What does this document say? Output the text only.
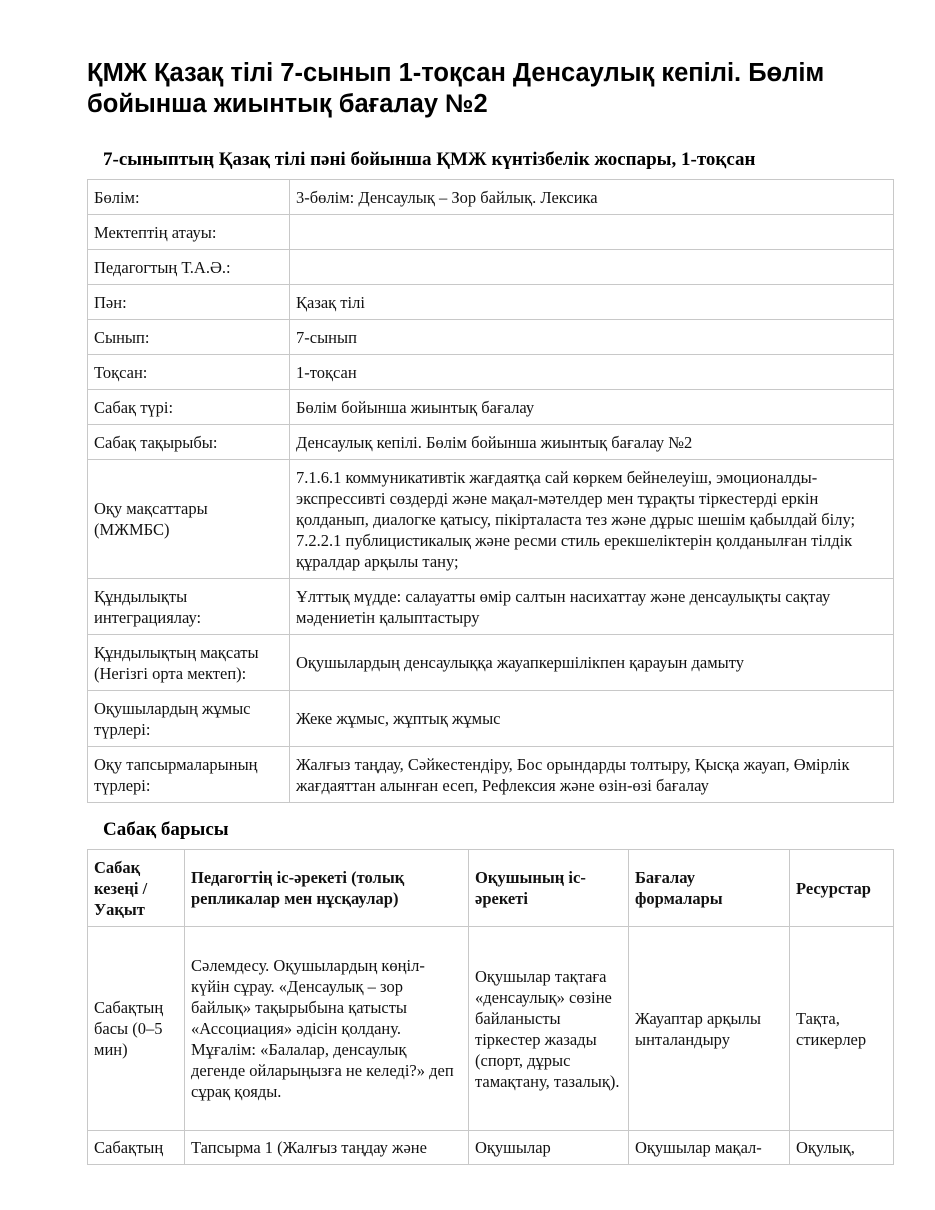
ҚМЖ Қазақ тілі 7-сынып 1-тоқсан Денсаулық кепілі. Бөлім бойынша жиынтық бағалау №2
7-сыныптың Қазақ тілі пәні бойынша ҚМЖ күнтізбелік жоспары, 1-тоқсан
Бөлім:	3-бөлім: Денсаулық – Зор байлық. Лексика
Мектептің атауы:	
Педагогтың Т.А.Ә.:	
Пән:	Қазақ тілі
Сынып:	7-сынып
Тоқсан:	1-тоқсан
Сабақ түрі:	Бөлім бойынша жиынтық бағалау
Сабақ тақырыбы:	Денсаулық кепілі. Бөлім бойынша жиынтық бағалау №2
Оқу мақсаттары (МЖМБС)	7.1.6.1 коммуникативтік жағдаятқа сай көркем бейнелеуіш, эмоционалды-экспрессивті сөздерді және мақал-мәтелдер мен тұрақты тіркестерді еркін қолданып, диалогке қатысу, пікірталаста тез және дұрыс шешім қабылдай білу; 7.2.2.1 публицистикалық және ресми стиль ерекшеліктерін қолданылған тілдік құралдар арқылы тану;
Құндылықты интеграциялау:	Ұлттық мүдде: салауатты өмір салтын насихаттау және денсаулықты сақтау мәдениетін қалыптастыру
Құндылықтың мақсаты (Негізгі орта мектеп):	Оқушылардың денсаулыққа жауапкершілікпен қарауын дамыту
Оқушылардың жұмыс түрлері:	Жеке жұмыс, жұптық жұмыс
Оқу тапсырмаларының түрлері:	Жалғыз таңдау, Сәйкестендіру, Бос орындарды толтыру, Қысқа жауап, Өмірлік жағдаяттан алынған есеп, Рефлексия және өзін-өзі бағалау
Сабақ барысы
Сабақ кезеңі / Уақыт	Педагогтің іс-әрекеті (толық репликалар мен нұсқаулар)	Оқушының іс-әрекеті	Бағалау формалары	Ресурстар
Сабақтың басы (0–5 мин)	Сәлемдесу. Оқушылардың көңіл-күйін сұрау. «Денсаулық – зор байлық» тақырыбына қатысты «Ассоциация» әдісін қолдану. Мұғалім: «Балалар, денсаулық дегенде ойларыңызға не келеді?» деп сұрақ қояды.	Оқушылар тақтаға «денсаулық» сөзіне байланысты тіркестер жазады (спорт, дұрыс тамақтану, тазалық).	Жауаптар арқылы ынталандыру	Тақта, стикерлер
Сабақтың	Тапсырма 1 (Жалғыз таңдау және	Оқушылар	Оқушылар мақал-	Оқулық,
